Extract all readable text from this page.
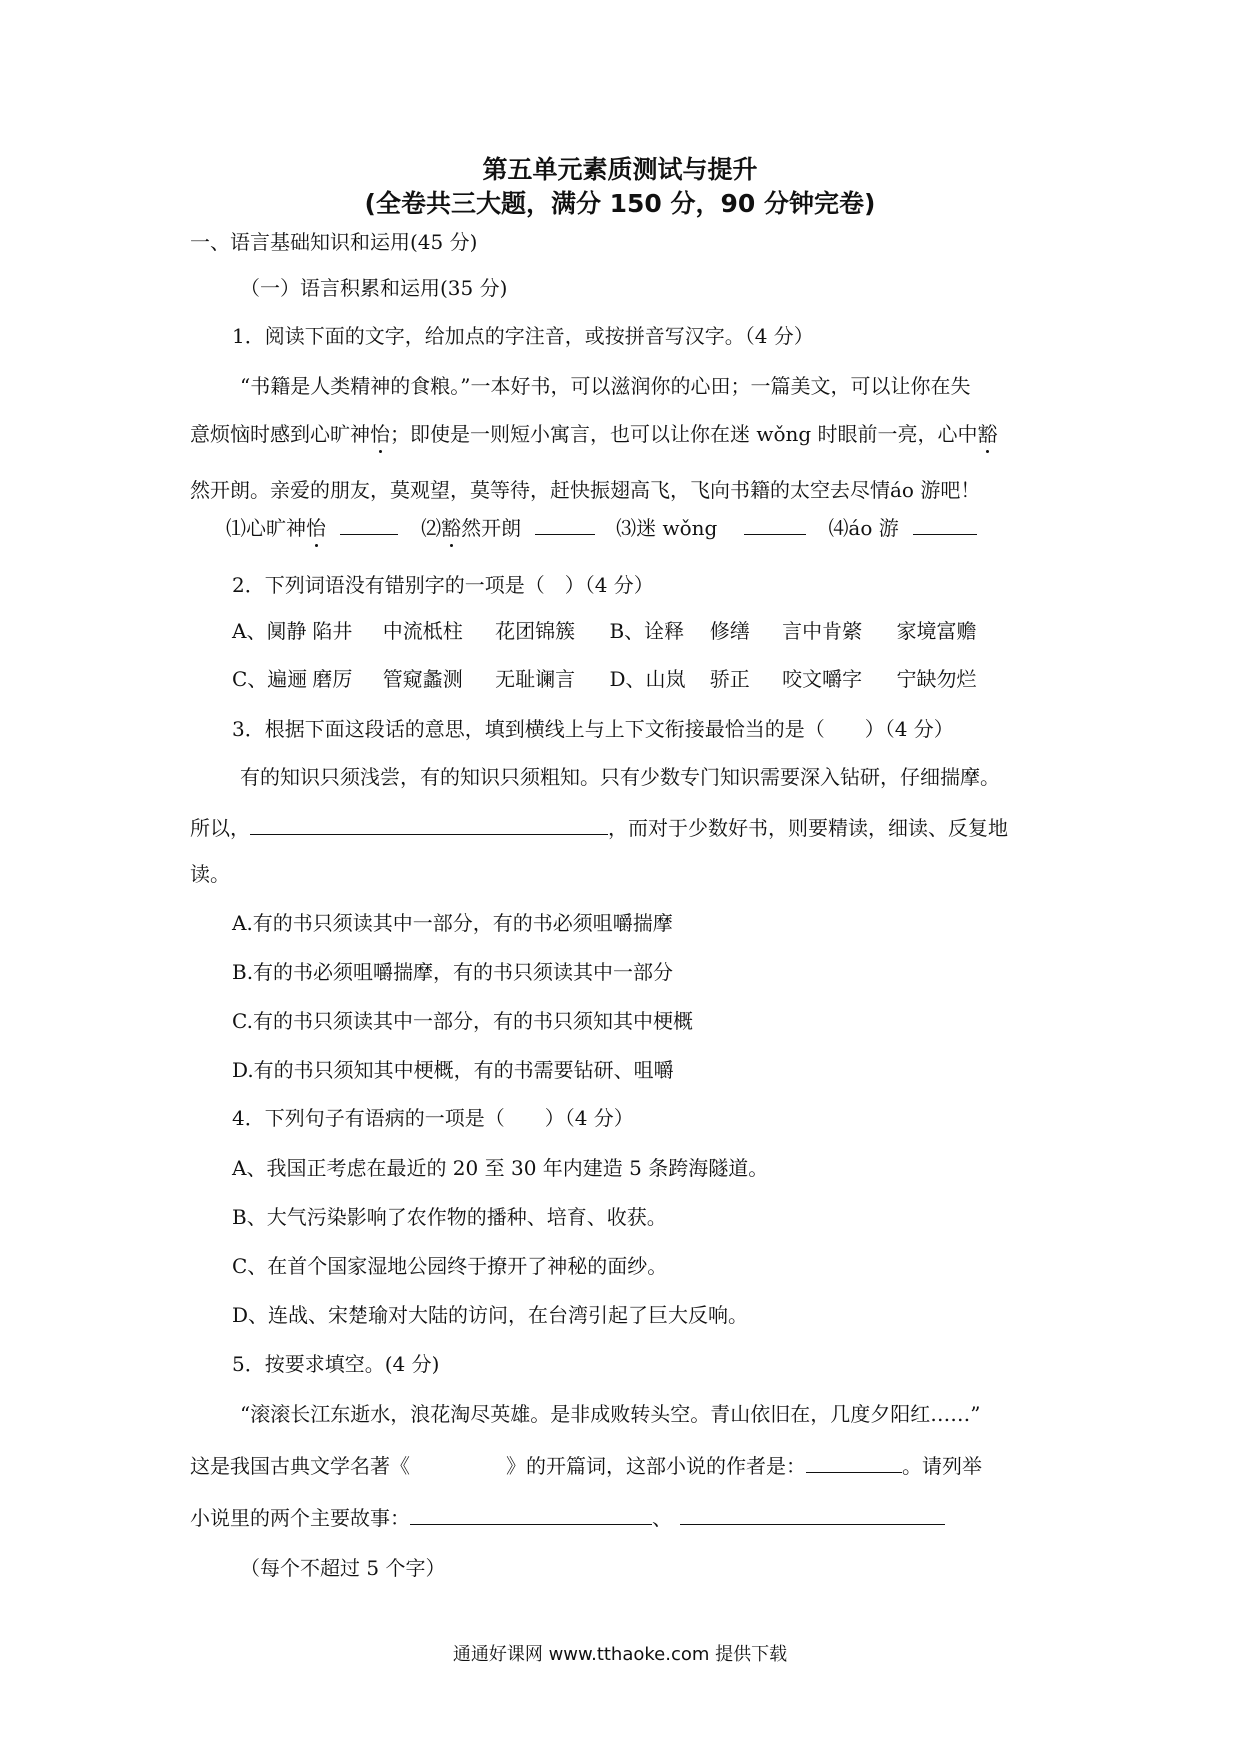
第五单元素质测试与提升
(全卷共三大题，满分 150 分，90 分钟完卷)
一、语言基础知识和运用(45 分)
（一）语言积累和运用(35 分)
1．阅读下面的文字，给加点的字注音，或按拼音写汉字。（4 分）
“书籍是人类精神的食粮。”一本好书，可以滋润你的心田；一篇美文，可以让你在失
意烦恼时感到心旷神怡；即使是一则短小寓言，也可以让你在迷 wǒng 时眼前一亮，心中豁
然开朗。亲爱的朋友，莫观望，莫等待，赶快振翅高飞，飞向书籍的太空去尽情áo 游吧！
⑴心旷神怡	⑵豁然开朗	⑶迷 wǒng	⑷áo 游
2．下列词语没有错别字的一项是（　）（4 分）
A、阒静 陷井 中流柢柱 花团锦簇 B、诠释 修缮 言中肯綮 家境富赡
C、遍逦 磨厉 管窥蠡测 无耻谰言 D、山岚 骄正 咬文嚼字 宁缺勿烂
3．根据下面这段话的意思，填到横线上与上下文衔接最恰当的是（　　）（4 分）
有的知识只须浅尝，有的知识只须粗知。只有少数专门知识需要深入钻研，仔细揣摩。
所以，	，而对于少数好书，则要精读，细读、反复地
读。
A.有的书只须读其中一部分，有的书必须咀嚼揣摩
B.有的书必须咀嚼揣摩，有的书只须读其中一部分
C.有的书只须读其中一部分，有的书只须知其中梗概
D.有的书只须知其中梗概，有的书需要钻研、咀嚼
4．下列句子有语病的一项是（　　）（4 分）
A、我国正考虑在最近的 20 至 30 年内建造 5 条跨海隧道。
B、大气污染影响了农作物的播种、培育、收获。
C、在首个国家湿地公园终于撩开了神秘的面纱。
D、连战、宋楚瑜对大陆的访问，在台湾引起了巨大反响。
5．按要求填空。(4 分)
“滚滚长江东逝水，浪花淘尽英雄。是非成败转头空。青山依旧在，几度夕阳红……”
这是我国古典文学名著《	》的开篇词，这部小说的作者是：	。请列举
小说里的两个主要故事：	、
（每个不超过 5 个字）
通通好课网 www.tthaoke.com 提供下载
